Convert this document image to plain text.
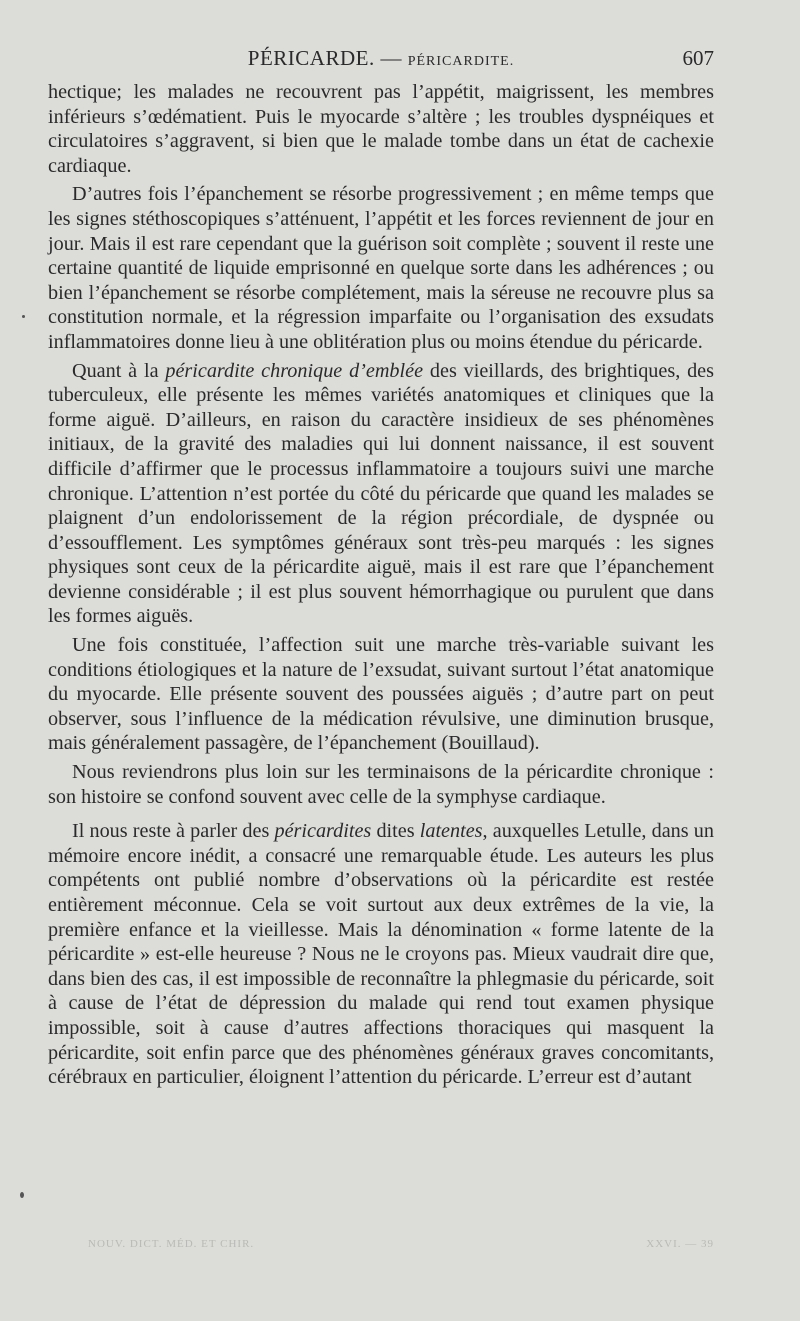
PÉRICARDE. — PÉRICARDITE.	607

hectique; les malades ne recouvrent pas l’appétit, maigrissent, les membres inférieurs s’œdématient. Puis le myocarde s’altère ; les troubles dyspnéiques et circulatoires s’aggravent, si bien que le malade tombe dans un état de cachexie cardiaque.

D’autres fois l’épanchement se résorbe progressivement ; en même temps que les signes stéthoscopiques s’atténuent, l’appétit et les forces reviennent de jour en jour. Mais il est rare cependant que la guérison soit complète ; souvent il reste une certaine quantité de liquide emprisonné en quelque sorte dans les adhérences ; ou bien l’épanchement se résorbe complétement, mais la séreuse ne recouvre plus sa constitution normale, et la régression imparfaite ou l’organisation des exsudats inflammatoires donne lieu à une oblitération plus ou moins étendue du péricarde.

Quant à la péricardite chronique d’emblée des vieillards, des brightiques, des tuberculeux, elle présente les mêmes variétés anatomiques et cliniques que la forme aiguë. D’ailleurs, en raison du caractère insidieux de ses phénomènes initiaux, de la gravité des maladies qui lui donnent naissance, il est souvent difficile d’affirmer que le processus inflammatoire a toujours suivi une marche chronique. L’attention n’est portée du côté du péricarde que quand les malades se plaignent d’un endolorissement de la région précordiale, de dyspnée ou d’essoufflement. Les symptômes généraux sont très-peu marqués : les signes physiques sont ceux de la péricardite aiguë, mais il est rare que l’épanchement devienne considérable ; il est plus souvent hémorrhagique ou purulent que dans les formes aiguës.

Une fois constituée, l’affection suit une marche très-variable suivant les conditions étiologiques et la nature de l’exsudat, suivant surtout l’état anatomique du myocarde. Elle présente souvent des poussées aiguës ; d’autre part on peut observer, sous l’influence de la médication révulsive, une diminution brusque, mais généralement passagère, de l’épanchement (Bouillaud).

Nous reviendrons plus loin sur les terminaisons de la péricardite chronique : son histoire se confond souvent avec celle de la symphyse cardiaque.

Il nous reste à parler des péricardites dites latentes, auxquelles Letulle, dans un mémoire encore inédit, a consacré une remarquable étude. Les auteurs les plus compétents ont publié nombre d’observations où la péricardite est restée entièrement méconnue. Cela se voit surtout aux deux extrêmes de la vie, la première enfance et la vieillesse. Mais la dénomination « forme latente de la péricardite » est-elle heureuse ? Nous ne le croyons pas. Mieux vaudrait dire que, dans bien des cas, il est impossible de reconnaître la phlegmasie du péricarde, soit à cause de l’état de dépression du malade qui rend tout examen physique impossible, soit à cause d’autres affections thoraciques qui masquent la péricardite, soit enfin parce que des phénomènes généraux graves concomitants, cérébraux en particulier, éloignent l’attention du péricarde. L’erreur est d’autant

NOUV. DICT. MÉD. ET CHIR.	XXVI. — 39
